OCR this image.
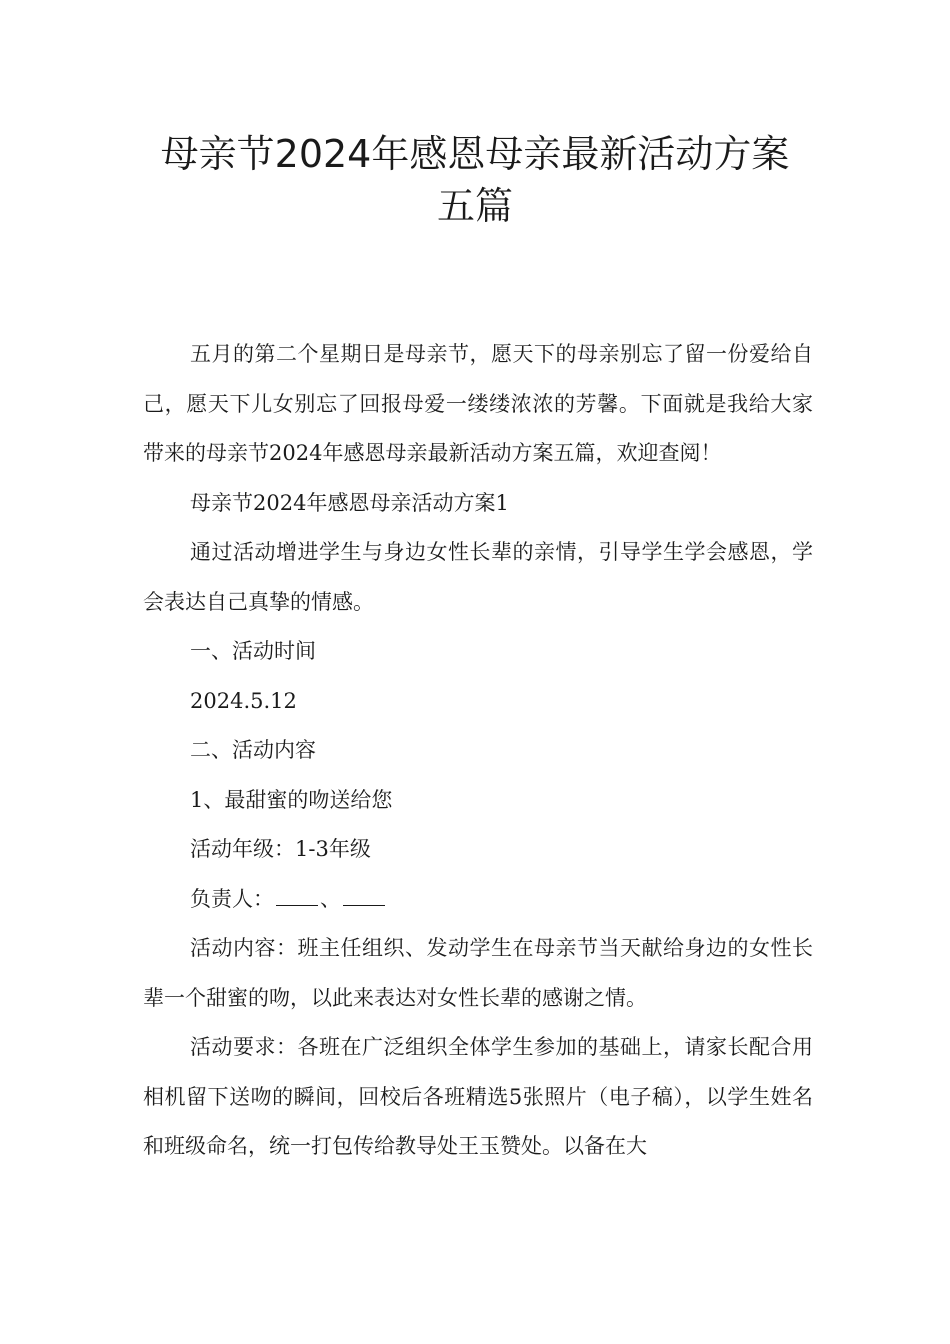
母亲节2024年感恩母亲最新活动方案
五篇

五月的第二个星期日是母亲节，愿天下的母亲别忘了留一份爱给自己，愿天下儿女别忘了回报母爱一缕缕浓浓的芳馨。下面就是我给大家带来的母亲节2024年感恩母亲最新活动方案五篇，欢迎查阅！

母亲节2024年感恩母亲活动方案1

通过活动增进学生与身边女性长辈的亲情，引导学生学会感恩，学会表达自己真挚的情感。

一、活动时间

2024.5.12

二、活动内容

1、最甜蜜的吻送给您

活动年级：1-3年级

负责人： 、

活动内容：班主任组织、发动学生在母亲节当天献给身边的女性长辈一个甜蜜的吻，以此来表达对女性长辈的感谢之情。

活动要求：各班在广泛组织全体学生参加的基础上，请家长配合用相机留下送吻的瞬间，回校后各班精选5张照片（电子稿），以学生姓名和班级命名，统一打包传给教导处王玉赞处。以备在大
